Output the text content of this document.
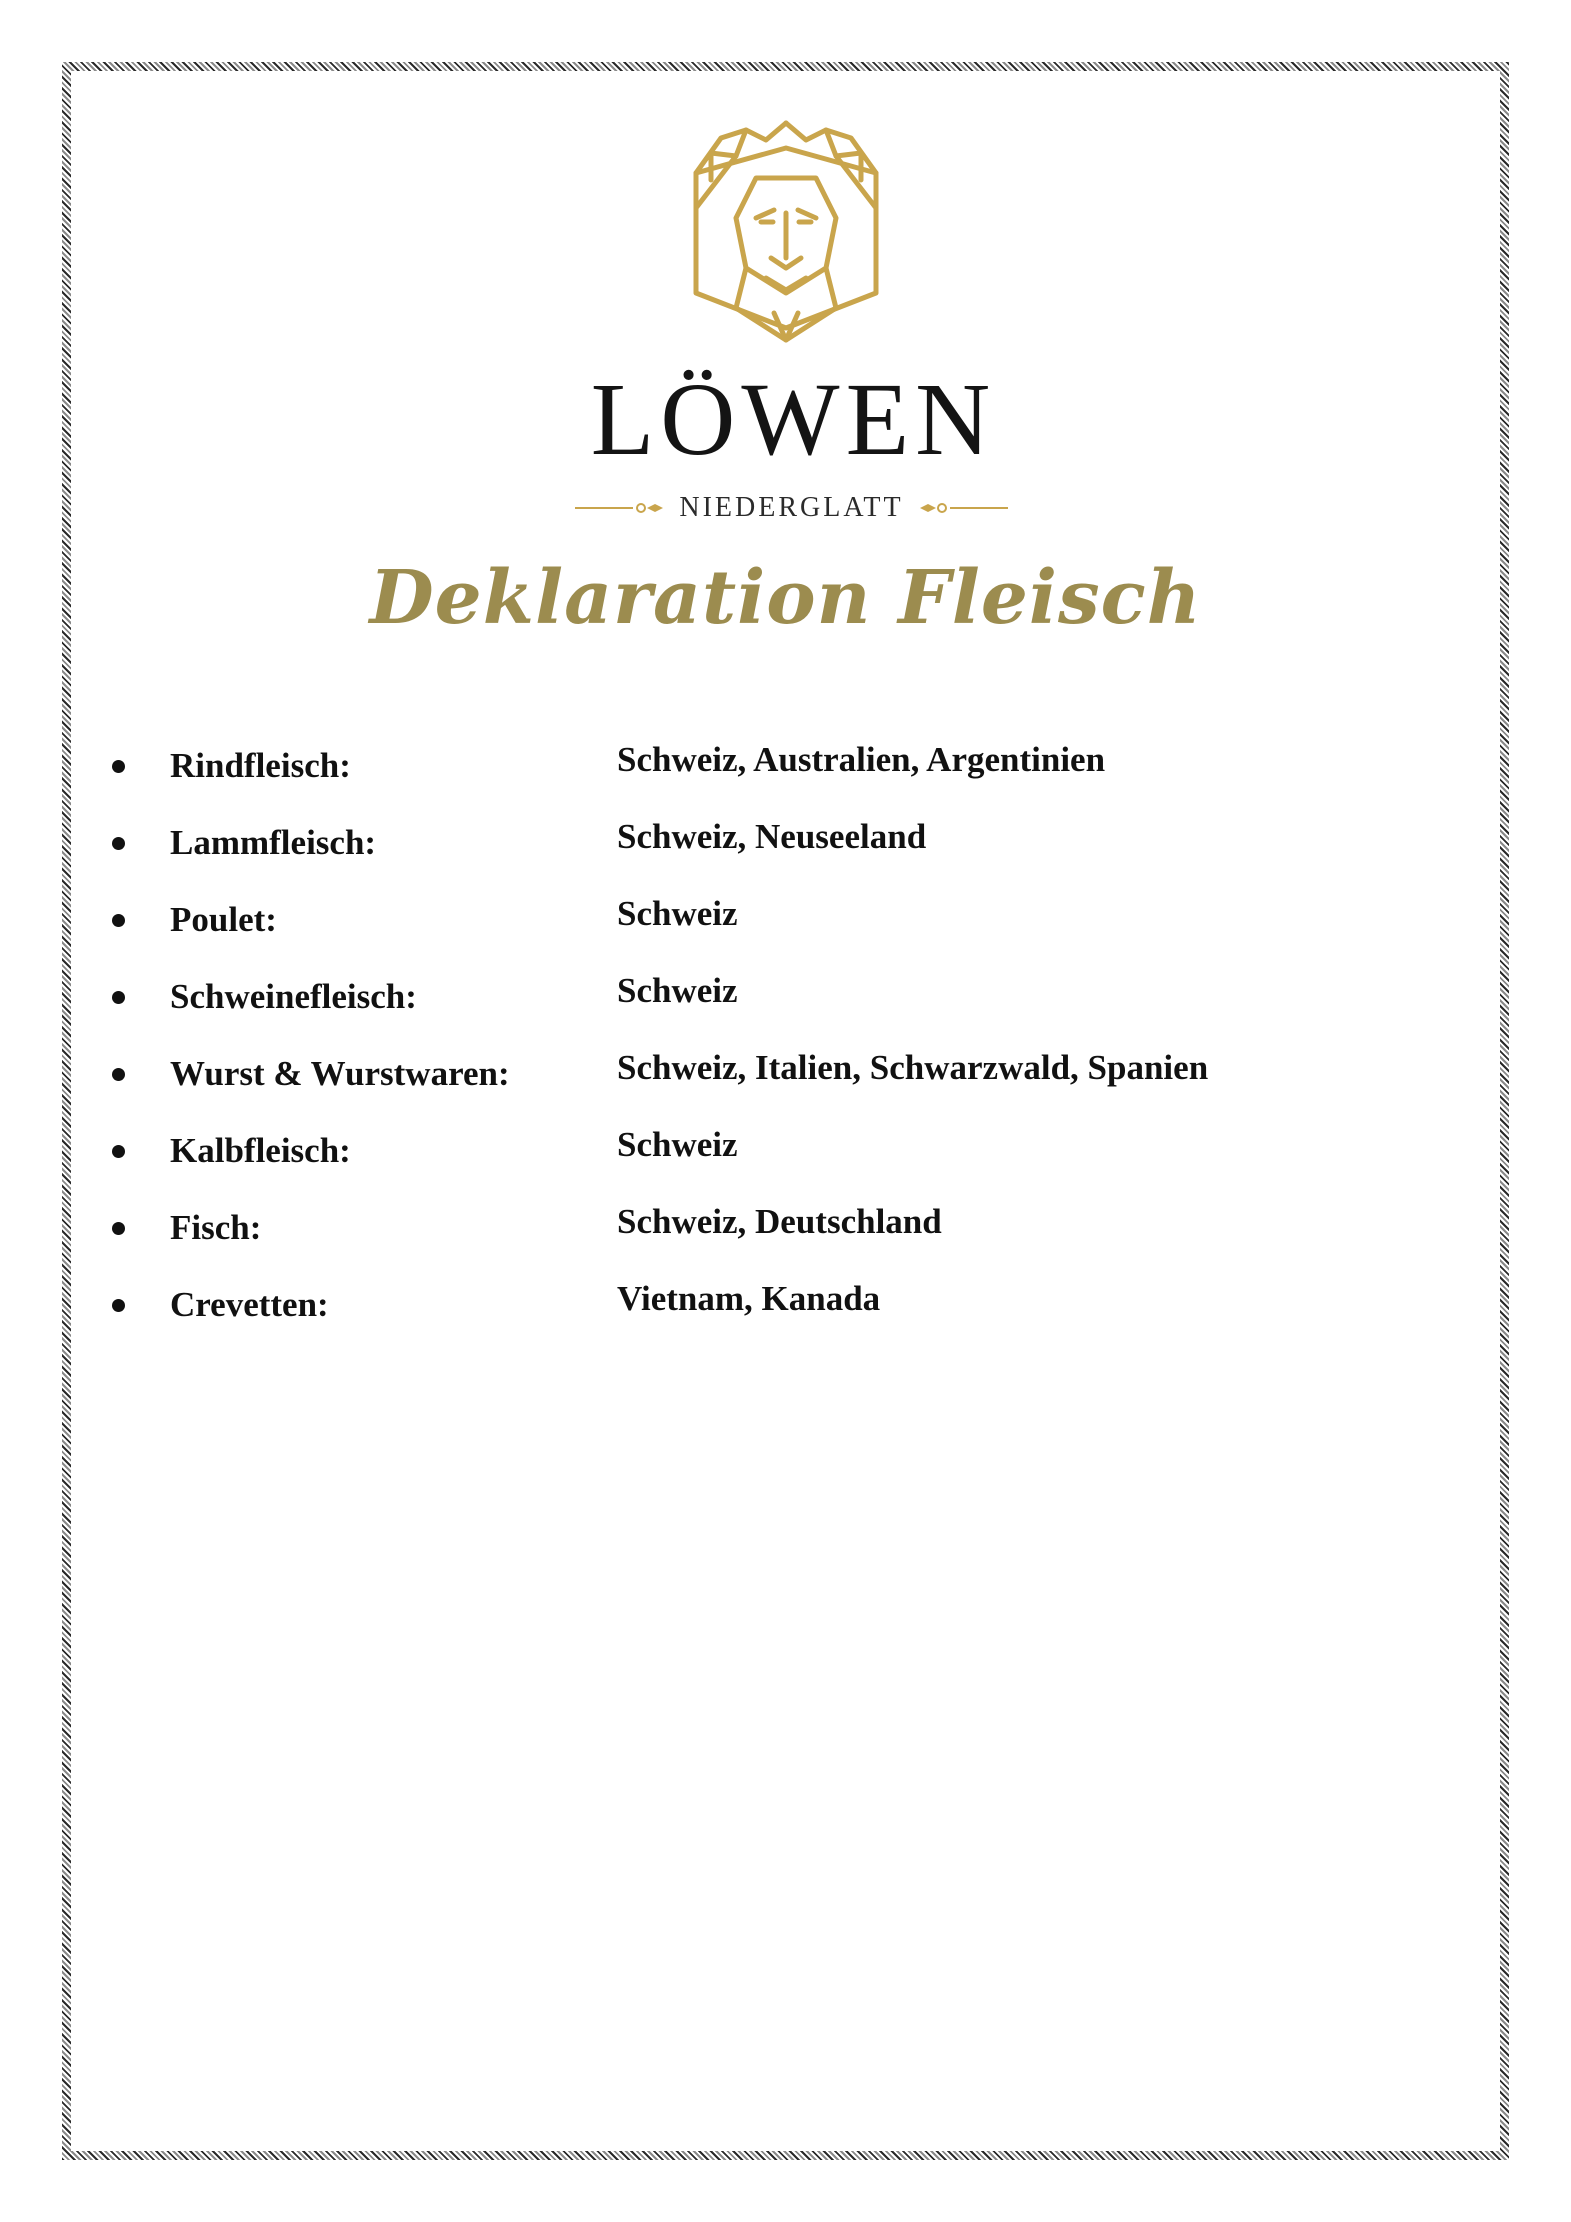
LÖWEN
NIEDERGLATT
Deklaration Fleisch
Rindfleisch:	Schweiz, Australien, Argentinien
Lammfleisch:	Schweiz, Neuseeland
Poulet:	Schweiz
Schweinefleisch:	Schweiz
Wurst & Wurstwaren:	Schweiz, Italien, Schwarzwald, Spanien
Kalbfleisch:	Schweiz
Fisch:	Schweiz, Deutschland
Crevetten:	Vietnam, Kanada
